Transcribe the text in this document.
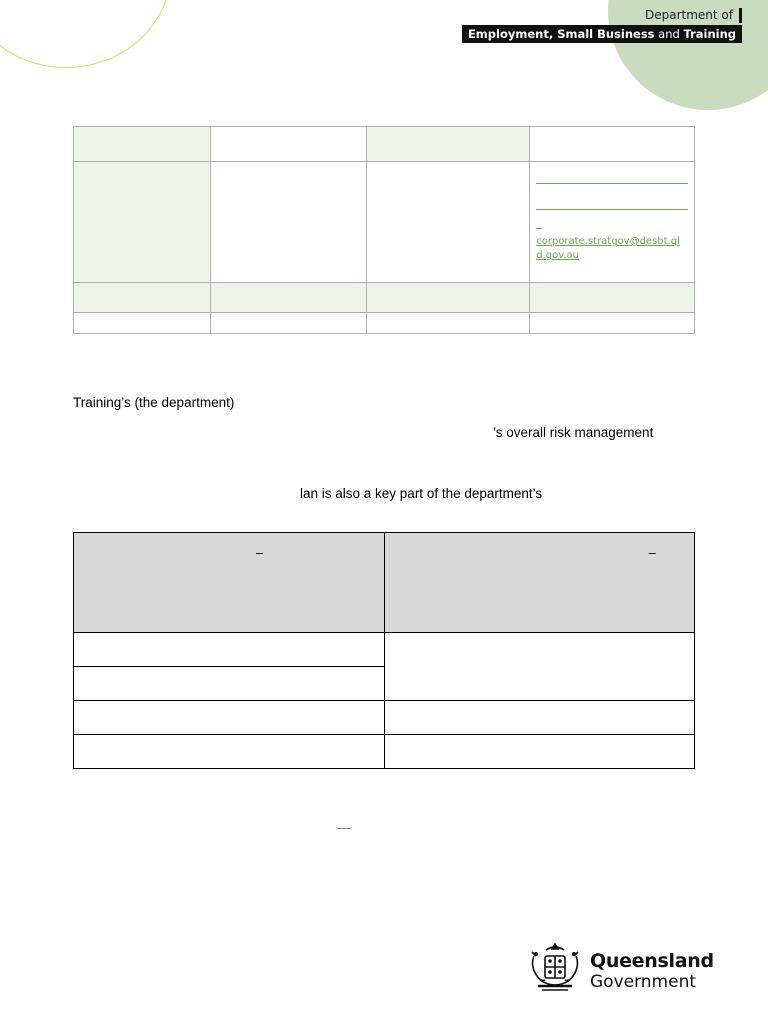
Department of
Employment, Small Business and Training

			corporate.stratgov@desbt.qld.gov.au

Training’s (the department)
’s overall risk management
lan is also a key part of the department’s
–	–

Queensland
Government
